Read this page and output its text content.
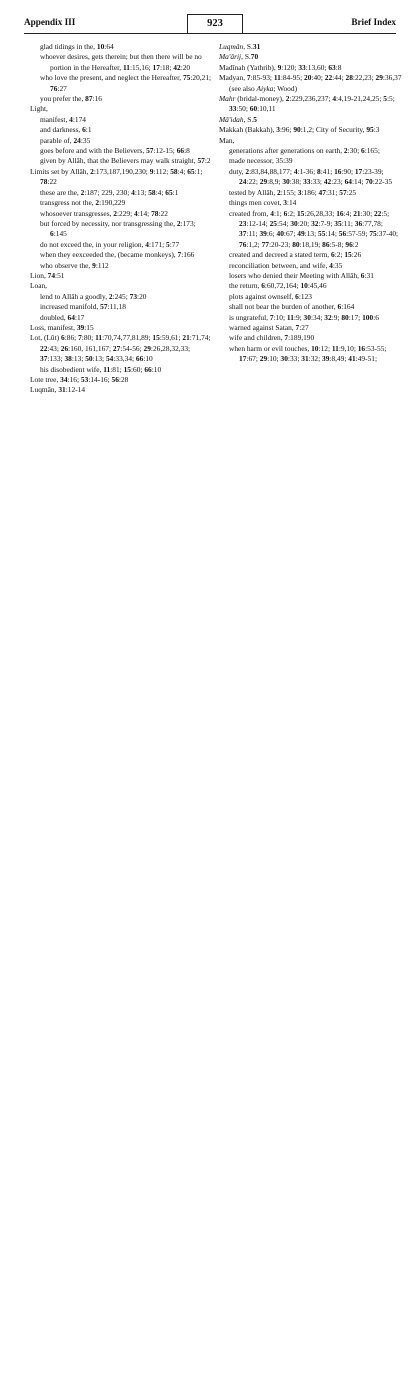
Appendix III	923	Brief Index
glad tidings in the, 10:64
whoever desires, gets therein; but then there will be no portion in the Hereafter, 11:15,16; 17:18; 42:20
who love the present, and neglect the Hereafter, 75:20,21; 76:27
you prefer the, 87:16
Light,
manifest, 4:174
and darkness, 6:1
parable of, 24:35
goes before and with the Believers, 57:12-15; 66:8
given by Allâh, that the Believers may walk straight, 57:2
Limits set by Allâh, 2:173,187,190,230; 9:112; 58:4; 65:1; 78:22
these are the, 2:187; 229, 230; 4:13; 58:4; 65:1
transgress not the, 2:190,229
whosoever transgresses, 2:229; 4:14; 78:22
but forced by necessity, nor transgressing the, 2:173; 6:145
do not exceed the, in your religion, 4:171; 5:77
when they eexceeded the, (became monkeys), 7:166
who observe the, 9:112
Lion, 74:51
Loan,
lend to Allâh a goodly, 2:245; 73:20
increased manifold, 57:11,18
doubled, 64:17
Loss, manifest, 39:15
Lot, (Lût) 6:86; 7:80; 11:70,74,77,81,89; 15:59,61; 21:71,74; 22:43; 26:160, 161,167; 27:54-56; 29:26,28,32,33; 37:133; 38:13; 50:13; 54:33,34; 66:10
his disobedient wife, 11:81; 15:60; 66:10
Lote tree, 34:16; 53:14-16; 56:28
Luqmân, 31:12-14
Luqmân, S.31
Ma'ârij, S.70
Madînah (Yathrib), 9:120; 33:13,60; 63:8
Madyan, 7:85-93; 11:84-95; 20:40; 22:44; 28:22,23; 29:36,37 (see also Aiyka; Wood)
Mahr (bridal-money), 2:229,236,237; 4:4,19-21,24,25; 5:5; 33:50; 60:10,11
Mâ'idah, S.5
Makkah (Bakkah), 3:96; 90:1,2; City of Security, 95:3
Man,
generations after generations on earth, 2:30; 6:165;
made necessor, 35:39
duty, 2:83,84,88,177; 4:1-36; 8:41; 16:90; 17:23-39; 24:22; 29:8,9; 30:38; 33:33; 42:23; 64:14; 70:22-35
tested by Allâh, 2:155; 3:186; 47:31; 57:25
things men covet, 3:14
created from, 4:1; 6:2; 15:26,28,33; 16:4; 21:30; 22:5; 23:12-14; 25:54; 30:20; 32:7-9; 35:11; 36:77,78; 37:11; 39:6; 40:67; 49:13; 55:14; 56:57-59; 75:37-40; 76:1,2; 77:20-23; 80:18,19; 86:5-8; 96:2
created and decreed a stated term, 6:2; 15:26
reconciliation between, and wife, 4:35
losers who denied their Meeting with Allâh, 6:31
the return, 6:60,72,164; 10:45,46
plots against ownself, 6:123
shall not bear the burden of another, 6:164
is ungrateful, 7:10; 11:9; 30:34; 32:9; 80:17; 100:6
warned against Satan, 7:27
wife and children, 7:189,190
when harm or evil touches, 10:12; 11:9,10; 16:53-55; 17:67; 29:10; 30:33; 31:32; 39:8,49; 41:49-51;
